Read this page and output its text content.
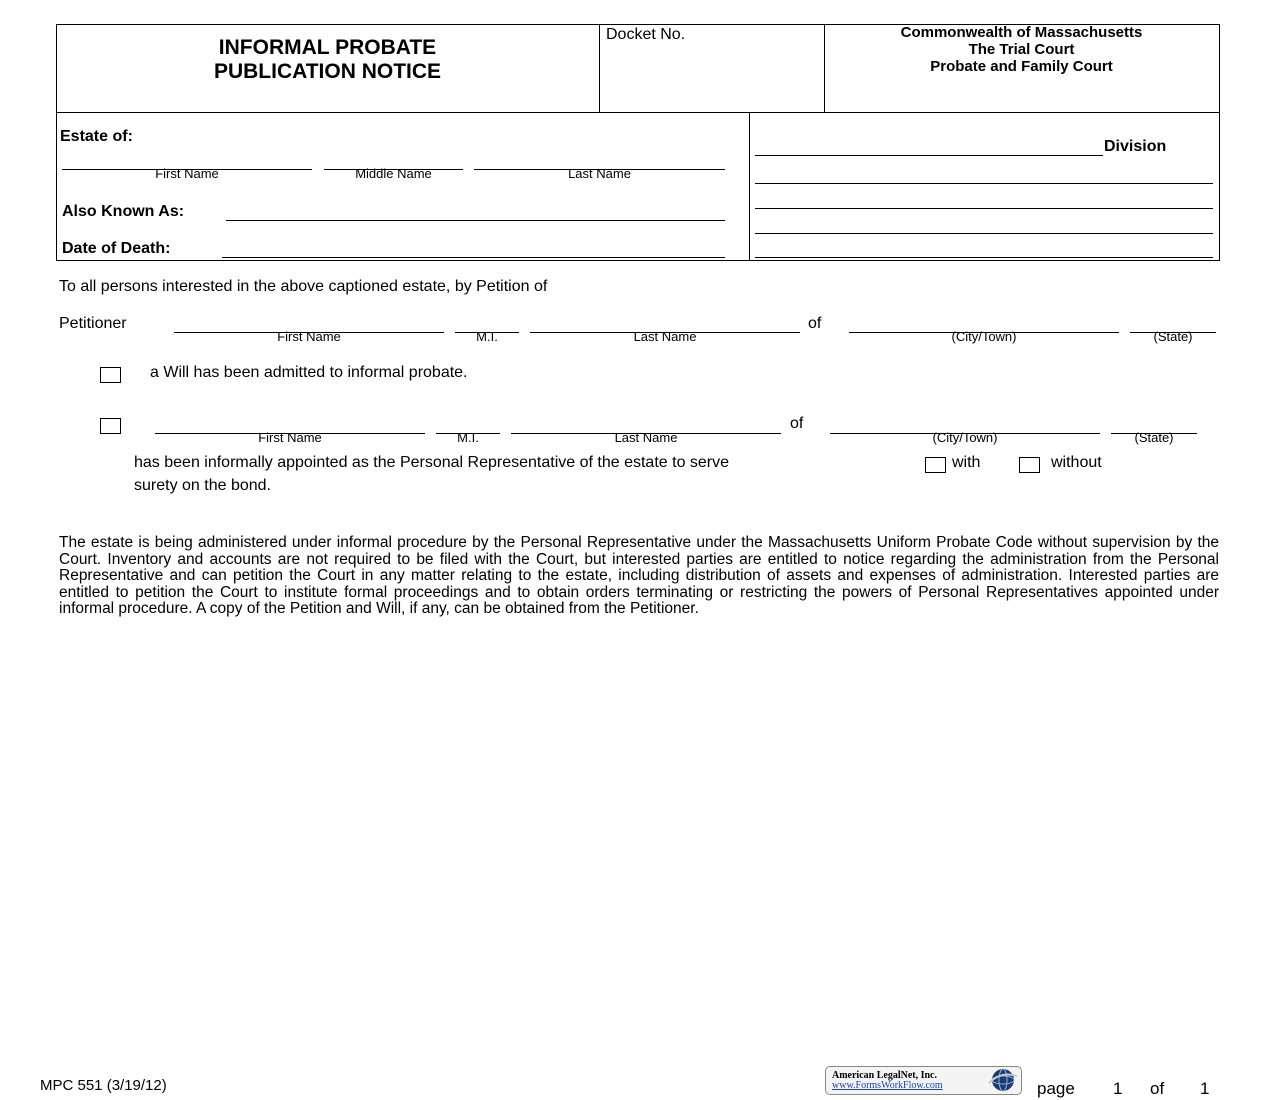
INFORMAL PROBATE
PUBLICATION NOTICE
Docket No.	Commonwealth of Massachusetts
The Trial Court
Probate and Family Court
Estate of:
First Name	Middle Name	Last Name
Also Known As:
Date of Death:
Division
To all persons interested in the above captioned estate, by Petition of
Petitioner	of
First Name	M.I.	Last Name	(City/Town)	(State)
a Will has been admitted to informal probate.
of
First Name	M.I.	Last Name	(City/Town)	(State)
has been informally appointed as the Personal Representative of the estate to serve	with	without
surety on the bond.
The estate is being administered under informal procedure by the Personal Representative under the Massachusetts Uniform Probate Code without supervision by the Court. Inventory and accounts are not required to be filed with the Court, but interested parties are entitled to notice regarding the administration from the Personal Representative and can petition the Court in any matter relating to the estate, including distribution of assets and expenses of administration. Interested parties are entitled to petition the Court to institute formal proceedings and to obtain orders terminating or restricting the powers of Personal Representatives appointed under informal procedure. A copy of the Petition and Will, if any, can be obtained from the Petitioner.
MPC 551 (3/19/12)
American LegalNet, Inc.
www.FormsWorkFlow.com	page 1 of 1
